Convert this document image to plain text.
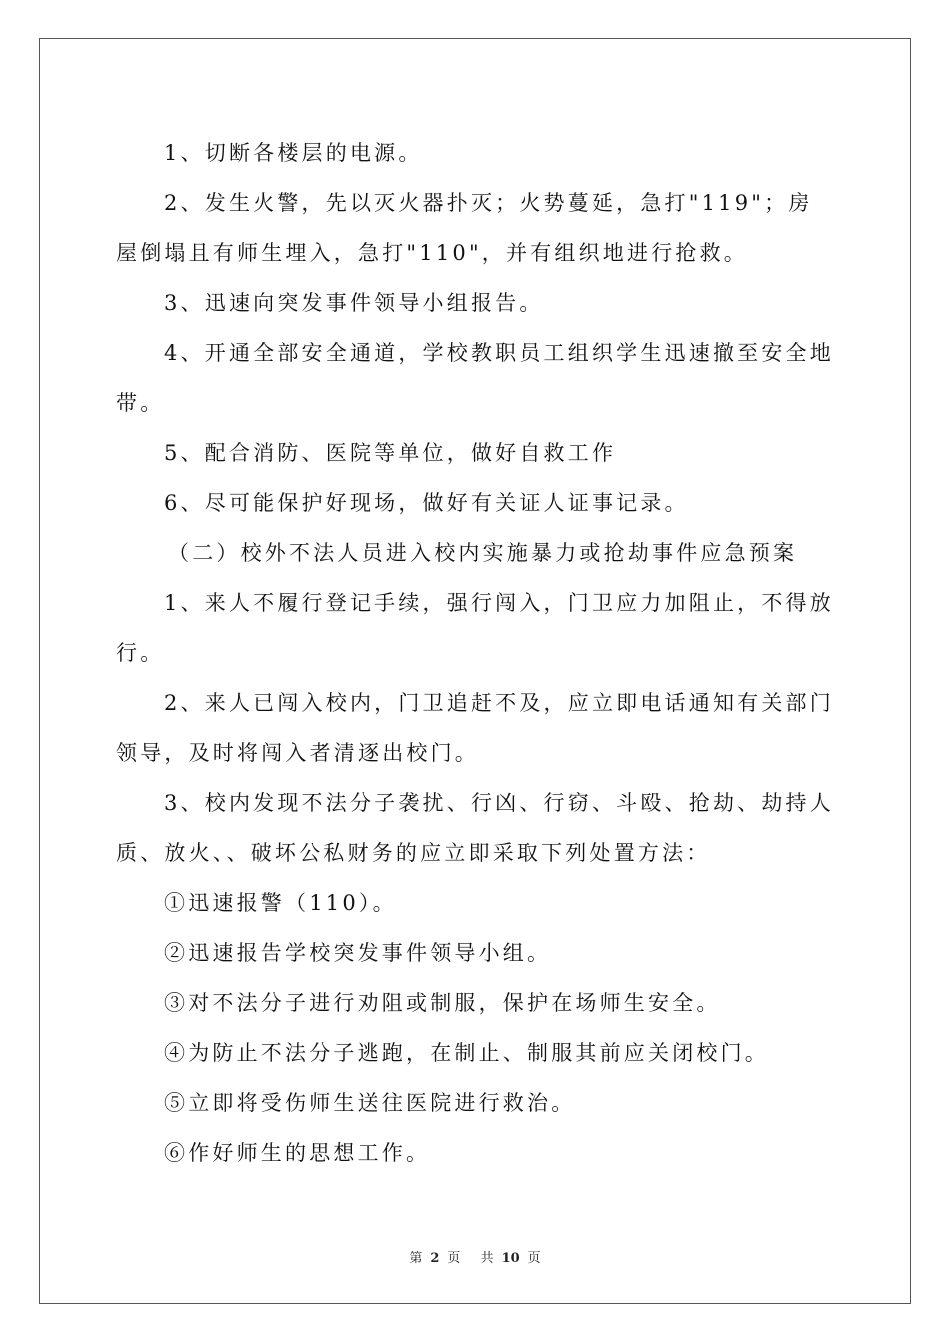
1、切断各楼层的电源。

2、发生火警，先以灭火器扑灭；火势蔓延，急打"119"；房屋倒塌且有师生埋入，急打"110"，并有组织地进行抢救。

3、迅速向突发事件领导小组报告。

4、开通全部安全通道，学校教职员工组织学生迅速撤至安全地带。

5、配合消防、医院等单位，做好自救工作

6、尽可能保护好现场，做好有关证人证事记录。

（二）校外不法人员进入校内实施暴力或抢劫事件应急预案

1、来人不履行登记手续，强行闯入，门卫应力加阻止，不得放行。

2、来人已闯入校内，门卫追赶不及，应立即电话通知有关部门领导，及时将闯入者清逐出校门。

3、校内发现不法分子袭扰、行凶、行窃、斗殴、抢劫、劫持人质、放火、、破坏公私财务的应立即采取下列处置方法：

①迅速报警（110）。

②迅速报告学校突发事件领导小组。

③对不法分子进行劝阻或制服，保护在场师生安全。

④为防止不法分子逃跑，在制止、制服其前应关闭校门。

⑤立即将受伤师生送往医院进行救治。

⑥作好师生的思想工作。

第 2 页 共 10 页
